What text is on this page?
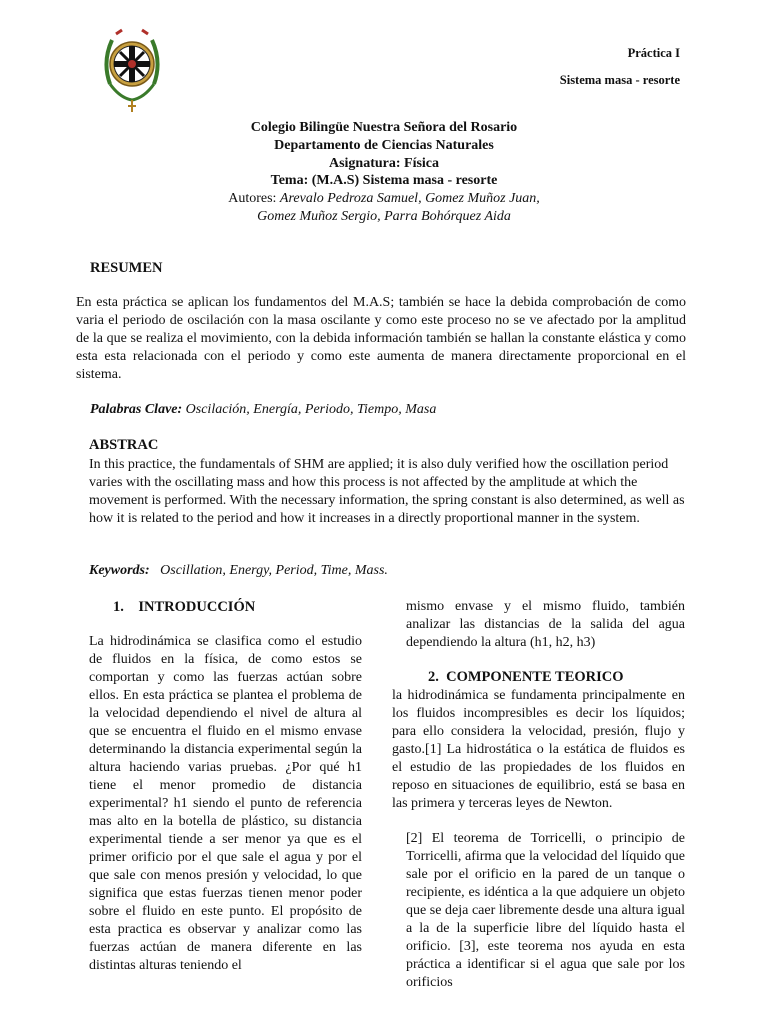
Práctica I
Sistema masa - resorte
Colegio Bilingüe Nuestra Señora del Rosario
Departamento de Ciencias Naturales
Asignatura: Física
Tema: (M.A.S) Sistema masa - resorte
Autores: Arevalo Pedroza Samuel, Gomez Muñoz Juan,
Gomez Muñoz Sergio, Parra Bohórquez Aida
RESUMEN

En esta práctica se aplican los fundamentos del M.A.S; también se hace la debida comprobación de como varia el periodo de oscilación con la masa oscilante y como este proceso no se ve afectado por la amplitud de la que se realiza el movimiento, con la debida información también se hallan la constante elástica y como esta esta relacionada con el periodo y como este aumenta de manera directamente proporcional en el sistema.

Palabras Clave: Oscilación, Energía, Periodo, Tiempo, Masa
ABSTRAC

In this practice, the fundamentals of SHM are applied; it is also duly verified how the oscillation period varies with the oscillating mass and how this process is not affected by the amplitude at which the movement is performed. With the necessary information, the spring constant is also determined, as well as how it is related to the period and how it increases in a directly proportional manner in the system.

Keywords: Oscillation, Energy, Period, Time, Mass.
1.    INTRODUCCIÓN

La hidrodinámica se clasifica como el estudio de fluidos en la física, de como estos se comportan y como las fuerzas actúan sobre ellos. En esta práctica se plantea el problema de la velocidad dependiendo el nivel de altura al que se encuentra el fluido en el mismo envase determinando la distancia experimental según la altura haciendo varias pruebas. ¿Por qué h1 tiene el menor promedio de distancia experimental? h1 siendo el punto de referencia mas alto en la botella de plástico, su distancia experimental tiende a ser menor ya que es el primer orificio por el que sale el agua y por el que sale con menos presión y velocidad, lo que significa que estas fuerzas tienen menor poder sobre el fluido en este punto. El propósito de esta practica es observar y analizar como las fuerzas actúan de manera diferente en las distintas alturas teniendo el

mismo envase y el mismo fluido, también analizar las distancias de la salida del agua dependiendo la altura (h1, h2, h3)

2.  COMPONENTE TEORICO

la hidrodinámica se fundamenta principalmente en los fluidos incompresibles es decir los líquidos; para ello considera la velocidad, presión, flujo y gasto.[1] La hidrostática o la estática de fluidos es el estudio de las propiedades de los fluidos en reposo en situaciones de equilibrio, está se basa en las primera y terceras leyes de Newton.

[2] El teorema de Torricelli, o principio de Torricelli, afirma que la velocidad del líquido que sale por el orificio en la pared de un tanque o recipiente, es idéntica a la que adquiere un objeto que se deja caer libremente desde una altura igual a la de la superficie libre del líquido hasta el orificio. [3], este teorema nos ayuda en esta práctica a identificar si el agua que sale por los orificios
